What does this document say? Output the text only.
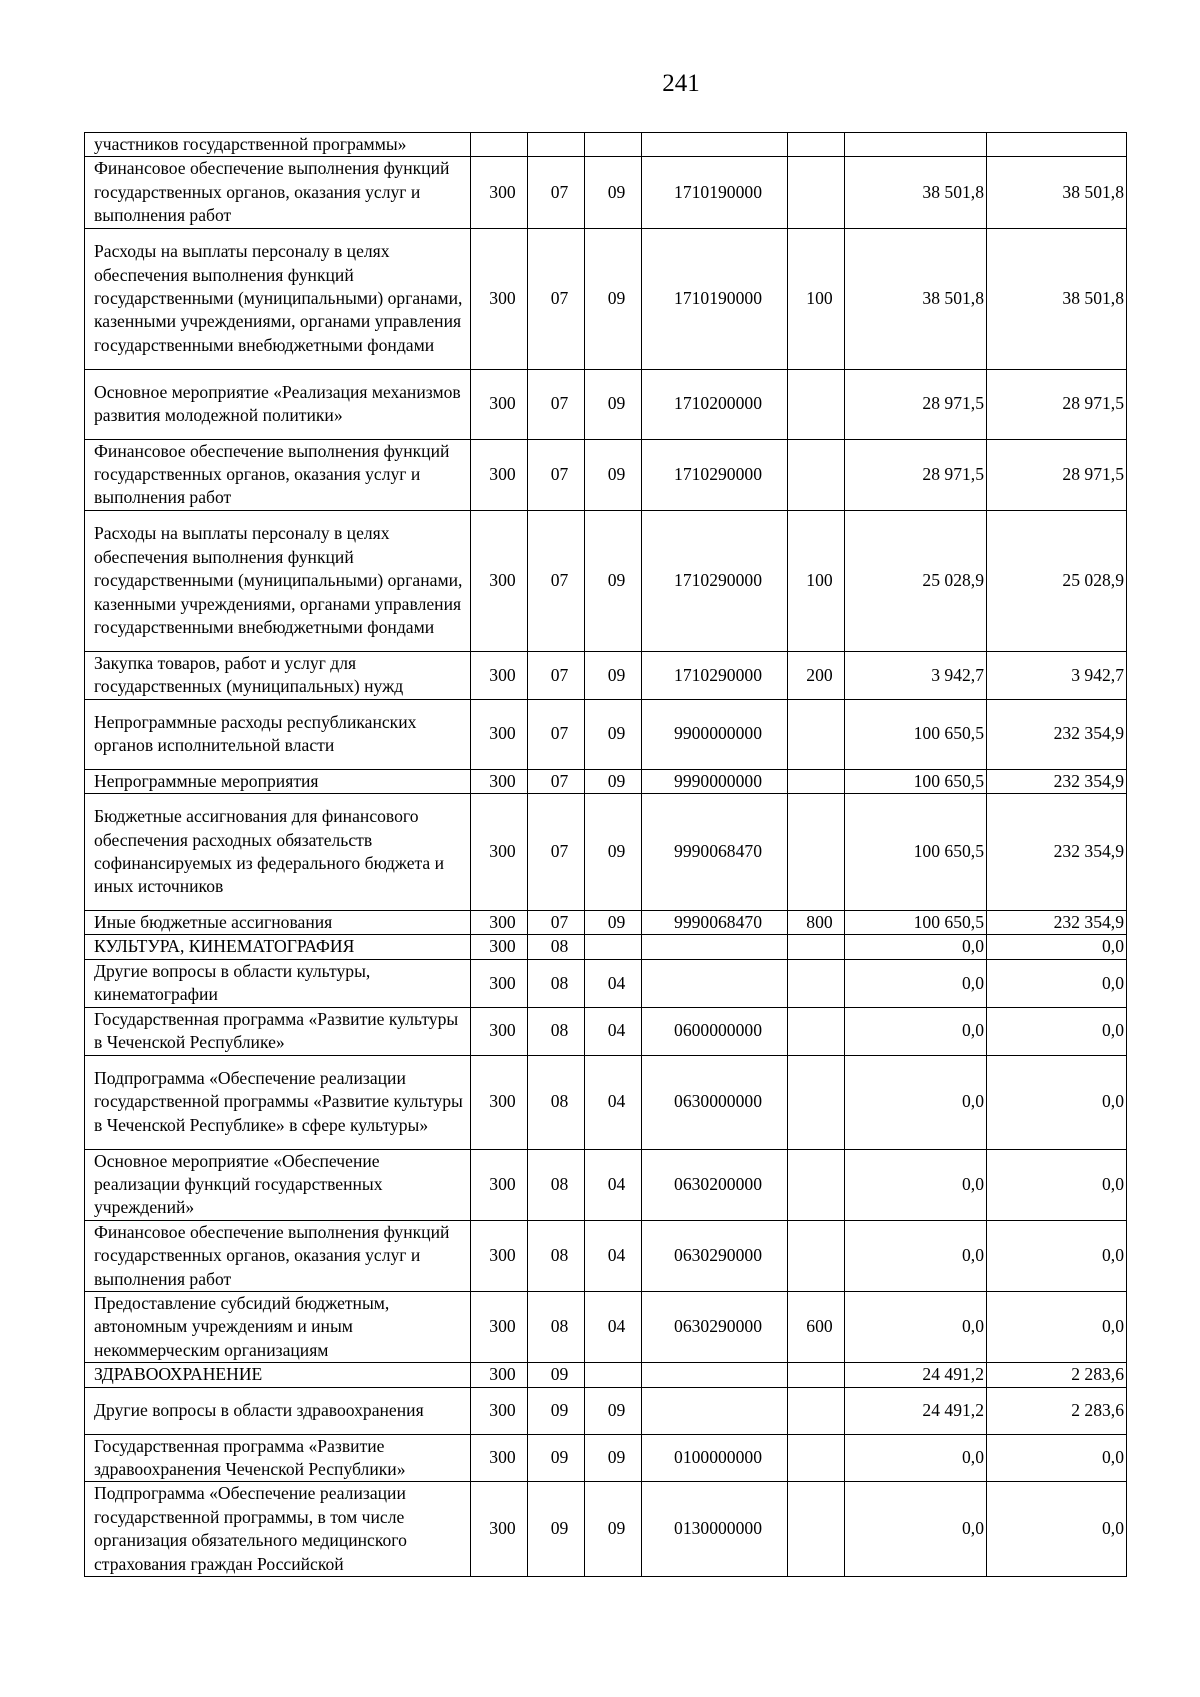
241
участников государственной программы»							
Финансовое обеспечение выполнения функций государственных органов, оказания услуг и выполнения работ	300	07	09	1710190000		38 501,8	38 501,8
Расходы на выплаты персоналу в целях обеспечения выполнения функций государственными (муниципальными) органами, казенными учреждениями, органами управления государственными внебюджетными фондами	300	07	09	1710190000	100	38 501,8	38 501,8
Основное мероприятие «Реализация механизмов развития молодежной политики»	300	07	09	1710200000		28 971,5	28 971,5
Финансовое обеспечение выполнения функций государственных органов, оказания услуг и выполнения работ	300	07	09	1710290000		28 971,5	28 971,5
Расходы на выплаты персоналу в целях обеспечения выполнения функций государственными (муниципальными) органами, казенными учреждениями, органами управления государственными внебюджетными фондами	300	07	09	1710290000	100	25 028,9	25 028,9
Закупка товаров, работ и услуг для государственных (муниципальных) нужд	300	07	09	1710290000	200	3 942,7	3 942,7
Непрограммные расходы республиканских органов исполнительной власти	300	07	09	9900000000		100 650,5	232 354,9
Непрограммные мероприятия	300	07	09	9990000000		100 650,5	232 354,9
Бюджетные ассигнования для финансового обеспечения расходных обязательств софинансируемых из федерального бюджета и иных источников	300	07	09	9990068470		100 650,5	232 354,9
Иные бюджетные ассигнования	300	07	09	9990068470	800	100 650,5	232 354,9
КУЛЬТУРА, КИНЕМАТОГРАФИЯ	300	08				0,0	0,0
Другие вопросы в области культуры, кинематографии	300	08	04			0,0	0,0
Государственная программа «Развитие культуры в Чеченской Республике»	300	08	04	0600000000		0,0	0,0
Подпрограмма «Обеспечение реализации государственной программы «Развитие культуры в Чеченской Республике» в сфере культуры»	300	08	04	0630000000		0,0	0,0
Основное мероприятие «Обеспечение реализации функций государственных учреждений»	300	08	04	0630200000		0,0	0,0
Финансовое обеспечение выполнения функций государственных органов, оказания услуг и выполнения работ	300	08	04	0630290000		0,0	0,0
Предоставление субсидий бюджетным, автономным учреждениям и иным некоммерческим организациям	300	08	04	0630290000	600	0,0	0,0
ЗДРАВООХРАНЕНИЕ	300	09				24 491,2	2 283,6
Другие вопросы в области здравоохранения	300	09	09			24 491,2	2 283,6
Государственная программа «Развитие здравоохранения Чеченской Республики»	300	09	09	0100000000		0,0	0,0
Подпрограмма «Обеспечение реализации государственной программы, в том числе организация обязательного медицинского страхования граждан Российской	300	09	09	0130000000		0,0	0,0
